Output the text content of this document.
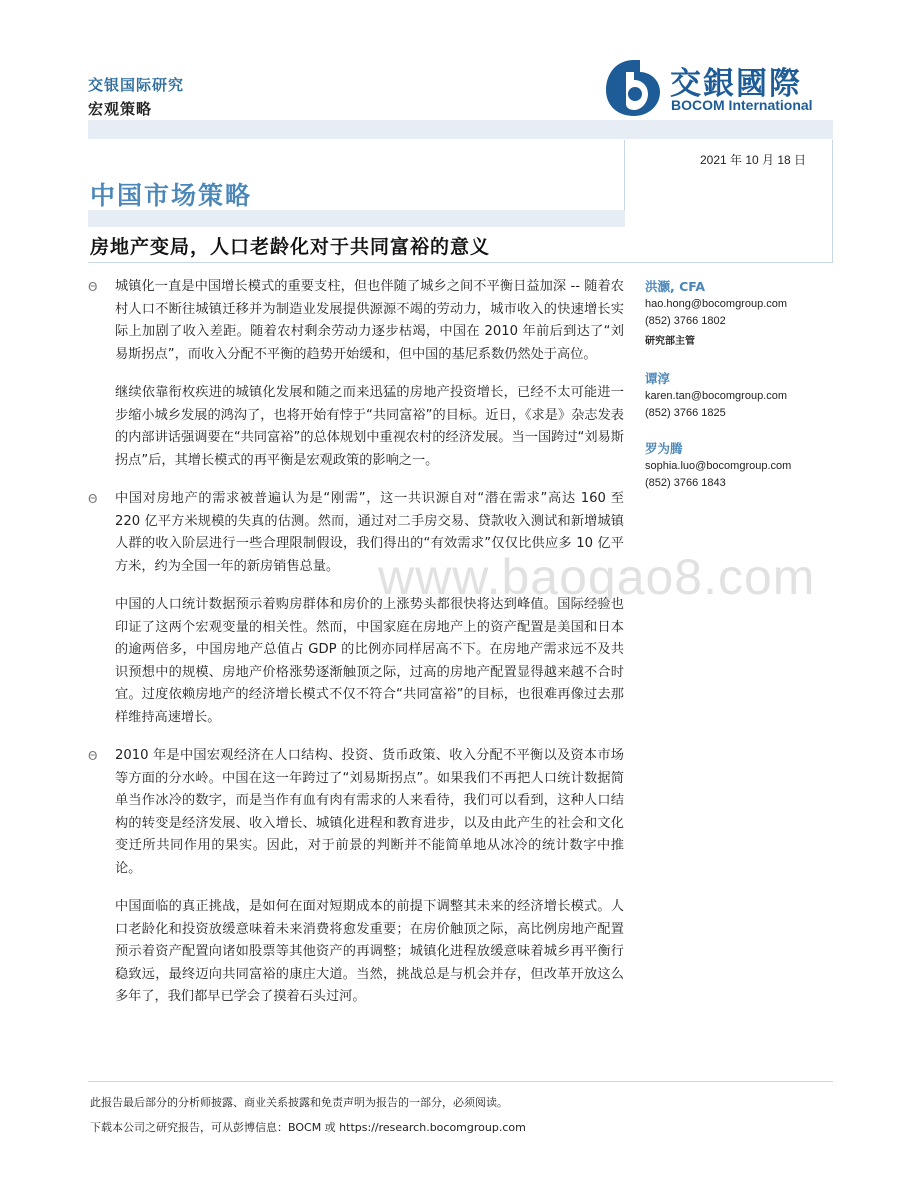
交银国际研究
宏观策略
交銀國際
BOCOM International
2021 年 10 月 18 日
中国市场策略
房地产变局，人口老龄化对于共同富裕的意义
Θ	城镇化一直是中国增长模式的重要支柱，但也伴随了城乡之间不平衡日益加深 -- 随着农村人口不断往城镇迁移并为制造业发展提供源源不竭的劳动力，城市收入的快速增长实际上加剧了收入差距。随着农村剩余劳动力逐步枯竭，中国在 2010 年前后到达了“刘易斯拐点”，而收入分配不平衡的趋势开始缓和，但中国的基尼系数仍然处于高位。
继续依靠衔枚疾进的城镇化发展和随之而来迅猛的房地产投资增长，已经不太可能进一步缩小城乡发展的鸿沟了，也将开始有悖于“共同富裕”的目标。近日，《求是》杂志发表的内部讲话强调要在“共同富裕”的总体规划中重视农村的经济发展。当一国跨过“刘易斯拐点”后，其增长模式的再平衡是宏观政策的影响之一。
Θ	中国对房地产的需求被普遍认为是“刚需”，这一共识源自对“潜在需求”高达 160 至 220 亿平方米规模的失真的估测。然而，通过对二手房交易、贷款收入测试和新增城镇人群的收入阶层进行一些合理限制假设，我们得出的“有效需求”仅仅比供应多 10 亿平方米，约为全国一年的新房销售总量。
中国的人口统计数据预示着购房群体和房价的上涨势头都很快将达到峰值。国际经验也印证了这两个宏观变量的相关性。然而，中国家庭在房地产上的资产配置是美国和日本的逾两倍多，中国房地产总值占 GDP 的比例亦同样居高不下。在房地产需求远不及共识预想中的规模、房地产价格涨势逐渐触顶之际，过高的房地产配置显得越来越不合时宜。过度依赖房地产的经济增长模式不仅不符合“共同富裕”的目标，也很难再像过去那样维持高速增长。
Θ	2010 年是中国宏观经济在人口结构、投资、货币政策、收入分配不平衡以及资本市场等方面的分水岭。中国在这一年跨过了“刘易斯拐点”。如果我们不再把人口统计数据简单当作冰冷的数字，而是当作有血有肉有需求的人来看待，我们可以看到，这种人口结构的转变是经济发展、收入增长、城镇化进程和教育进步，以及由此产生的社会和文化变迁所共同作用的果实。因此，对于前景的判断并不能简单地从冰冷的统计数字中推论。
中国面临的真正挑战，是如何在面对短期成本的前提下调整其未来的经济增长模式。人口老龄化和投资放缓意味着未来消费将愈发重要；在房价触顶之际，高比例房地产配置预示着资产配置向诸如股票等其他资产的再调整；城镇化进程放缓意味着城乡再平衡行稳致远，最终迈向共同富裕的康庄大道。当然，挑战总是与机会并存，但改革开放这么多年了，我们都早已学会了摸着石头过河。
洪灏, CFA
hao.hong@bocomgroup.com
(852) 3766 1802
研究部主管
谭淳
karen.tan@bocomgroup.com
(852) 3766 1825
罗为腾
sophia.luo@bocomgroup.com
(852) 3766 1843
www.baogao8.com
此报告最后部分的分析师披露、商业关系披露和免责声明为报告的一部分，必须阅读。
下载本公司之研究报告，可从彭博信息：BOCM 或 https://research.bocomgroup.com
